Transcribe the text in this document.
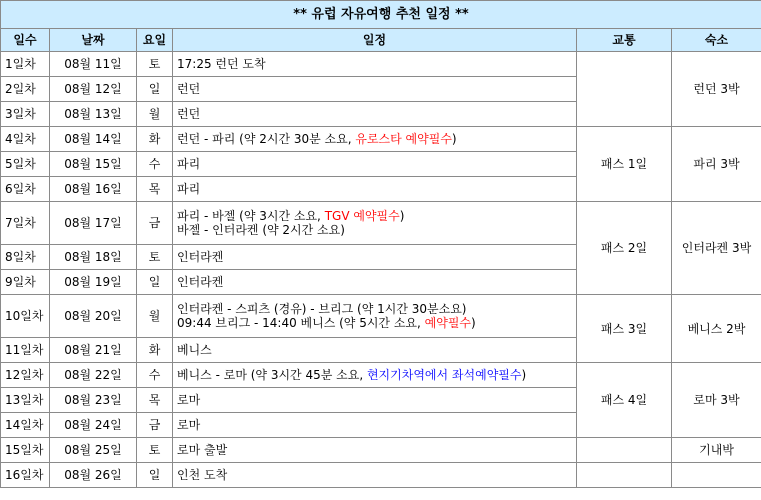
** 유럽 자유여행 추천 일정 **					
일수	날짜	요일	일정	교통	숙소
1일차	08월 11일	토	17:25 런던 도착		런던 3박
2일차	08월 12일	일	런던		

3일차	08월 13일	월	런던		

4일차	08월 14일	화	런던 - 파리 (약 2시간 30분 소요, 유로스타 예약필수)	패스 1일	파리 3박
5일차	08월 15일	수	파리		

6일차	08월 16일	목	파리		

7일차	08월 17일	금	파리 - 바젤 (약 3시간 소요, TGV 예약필수)
바젤 - 인터라켄 (약 2시간 소요)	패스 2일	인터라켄 3박
8일차	08월 18일	토	인터라켄		

9일차	08월 19일	일	인터라켄		

10일차	08월 20일	월	인터라켄 - 스피츠 (경유) - 브리그 (약 1시간 30분소요)
09:44 브리그 - 14:40 베니스 (약 5시간 소요, 예약필수)	패스 3일	베니스 2박
11일차	08월 21일	화	베니스		

12일차	08월 22일	수	베니스 - 로마 (약 3시간 45분 소요, 현지기차역에서 좌석예약필수)	패스 4일	로마 3박
13일차	08월 23일	목	로마		

14일차	08월 24일	금	로마		

15일차	08월 25일	토	로마 출발		기내박
16일차	08월 26일	일	인천 도착		
